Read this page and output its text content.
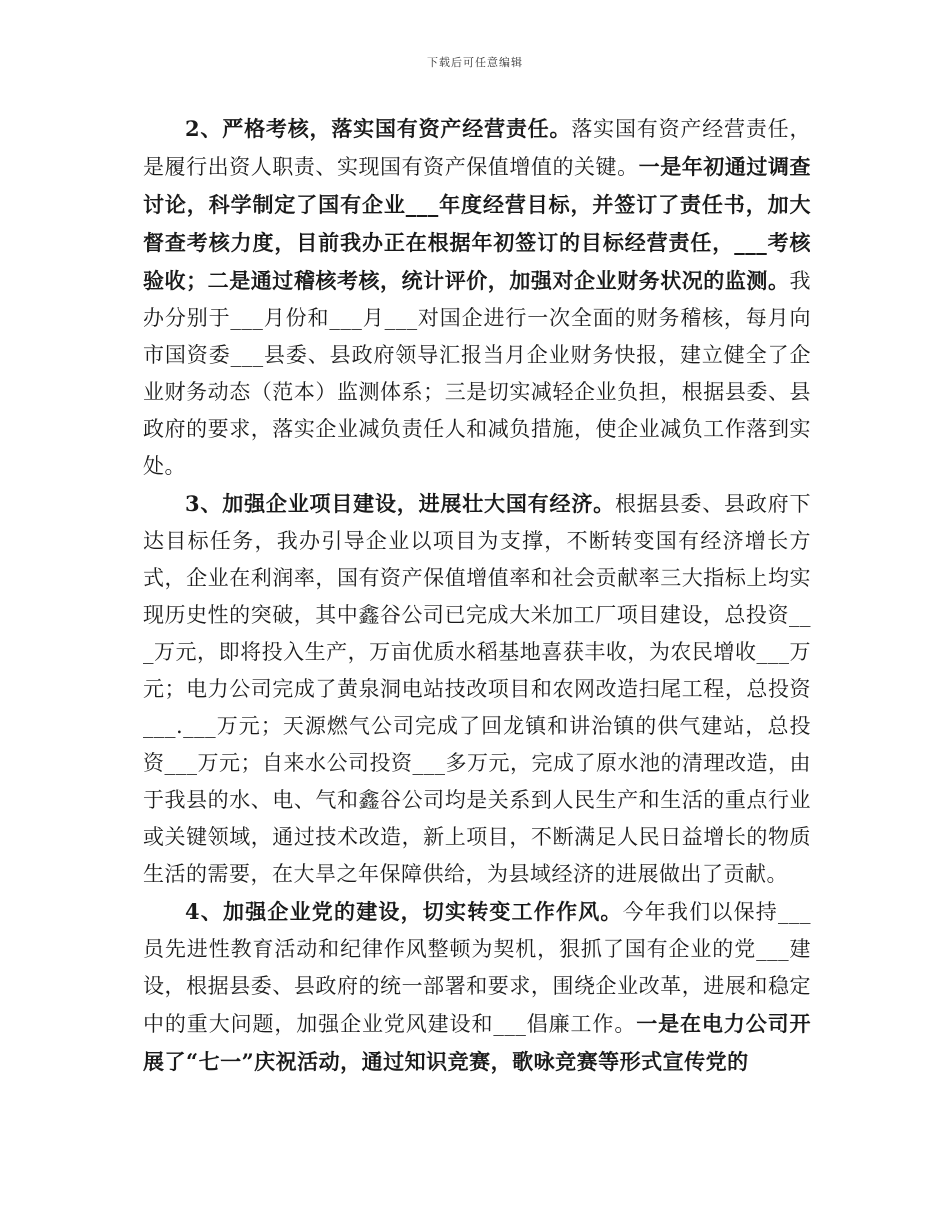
下载后可任意编辑

2、严格考核，落实国有资产经营责任。落实国有资产经营责任，是履行出资人职责、实现国有资产保值增值的关键。一是年初通过调查讨论，科学制定了国有企业___年度经营目标，并签订了责任书，加大督查考核力度，目前我办正在根据年初签订的目标经营责任，___考核验收；二是通过稽核考核，统计评价，加强对企业财务状况的监测。我办分别于___月份和___月___对国企进行一次全面的财务稽核，每月向市国资委___县委、县政府领导汇报当月企业财务快报，建立健全了企业财务动态（范本）监测体系；三是切实减轻企业负担，根据县委、县政府的要求，落实企业减负责任人和减负措施，使企业减负工作落到实处。

3、加强企业项目建设，进展壮大国有经济。根据县委、县政府下达目标任务，我办引导企业以项目为支撑，不断转变国有经济增长方式，企业在利润率，国有资产保值增值率和社会贡献率三大指标上均实现历史性的突破，其中鑫谷公司已完成大米加工厂项目建设，总投资___万元，即将投入生产，万亩优质水稻基地喜获丰收，为农民增收___万元；电力公司完成了黄泉洞电站技改项目和农网改造扫尾工程，总投资___.___万元；天源燃气公司完成了回龙镇和讲治镇的供气建站，总投资___万元；自来水公司投资___多万元，完成了原水池的清理改造，由于我县的水、电、气和鑫谷公司均是关系到人民生产和生活的重点行业或关键领域，通过技术改造，新上项目，不断满足人民日益增长的物质生活的需要，在大旱之年保障供给，为县域经济的进展做出了贡献。

4、加强企业党的建设，切实转变工作作风。今年我们以保持___员先进性教育活动和纪律作风整顿为契机，狠抓了国有企业的党___建设，根据县委、县政府的统一部署和要求，围绕企业改革，进展和稳定中的重大问题，加强企业党风建设和___倡廉工作。一是在电力公司开展了“七一”庆祝活动，通过知识竞赛，歌咏竞赛等形式宣传党的
